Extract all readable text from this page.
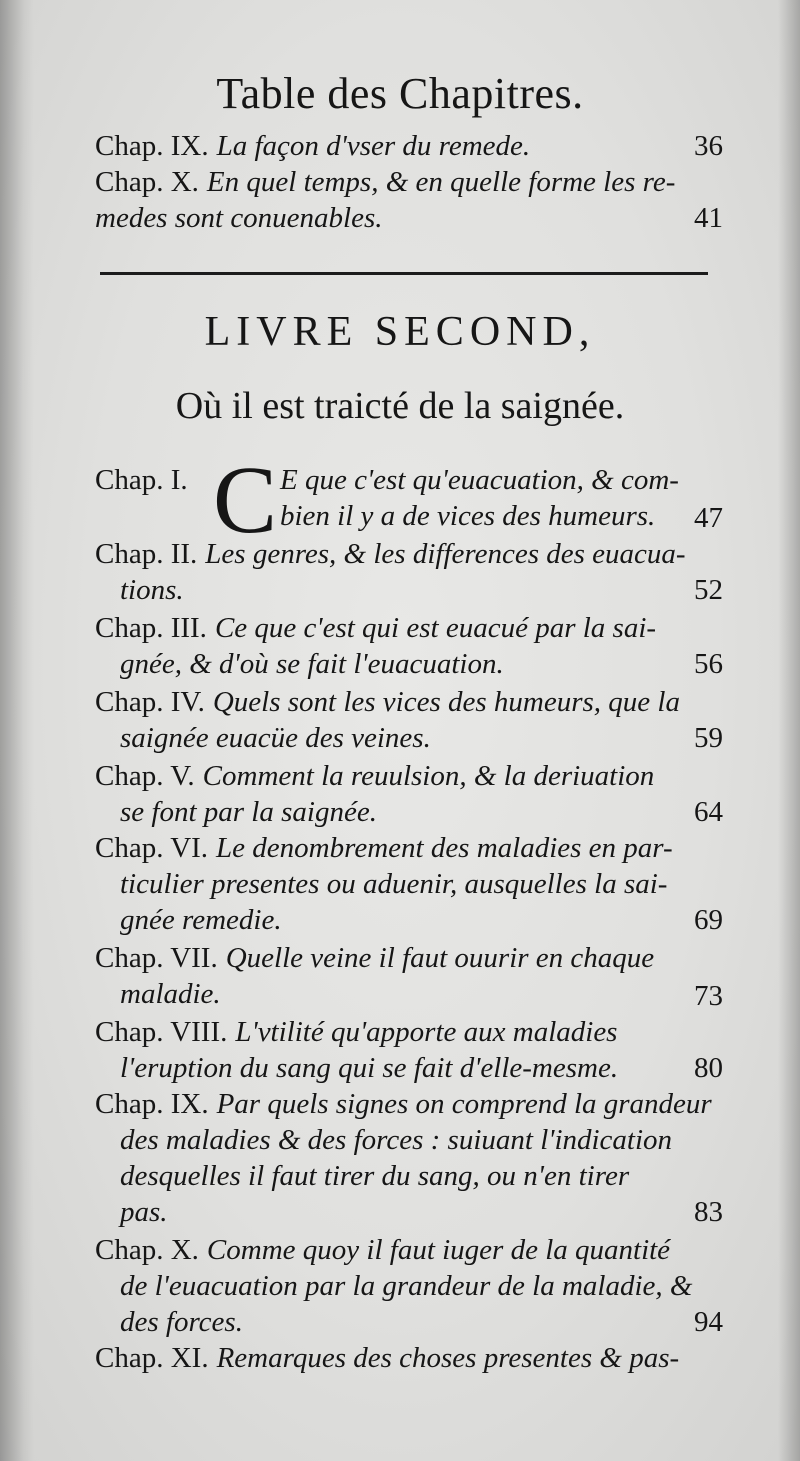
Table des Chapitres.
Chap. IX. La façon d'vser du remede.	36
Chap. X. En quel temps, & en quelle forme les re-
medes sont conuenables.	41
LIVRE SECOND,
Où il est traicté de la saignée.
C
Chap. I.	E que c'est qu'euacuation, & com-
bien il y a de vices des humeurs. 47
Chap. II. Les genres, & les differences des euacua-
tions.	52
Chap. III. Ce que c'est qui est euacué par la sai-
gnée, & d'où se fait l'euacuation.	56
Chap. IV. Quels sont les vices des humeurs, que la
saignée euacüe des veines.	59
Chap. V. Comment la reuulsion, & la deriuation
se font par la saignée.	64
Chap. VI. Le denombrement des maladies en par-
ticulier presentes ou aduenir, ausquelles la sai-
gnée remedie.	69
Chap. VII. Quelle veine il faut ouurir en chaque
maladie.	73
Chap. VIII. L'vtilité qu'apporte aux maladies
l'eruption du sang qui se fait d'elle-mesme.	80
Chap. IX. Par quels signes on comprend la grandeur
des maladies & des forces : suiuant l'indication
desquelles il faut tirer du sang, ou n'en tirer
pas.	83
Chap. X. Comme quoy il faut iuger de la quantité
de l'euacuation par la grandeur de la maladie, &
des forces.	94
Chap. XI. Remarques des choses presentes & pas-
